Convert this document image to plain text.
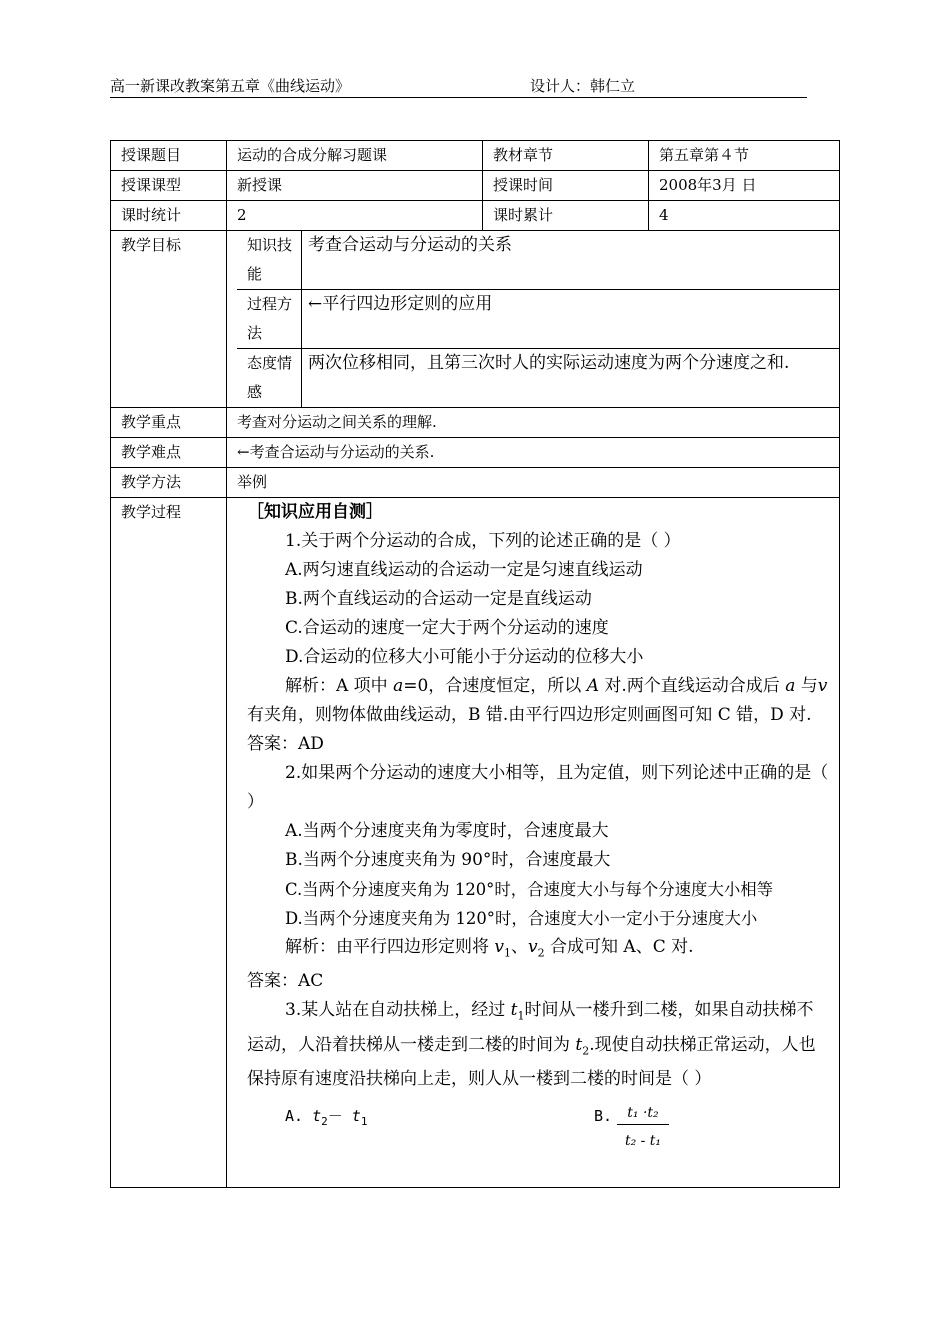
高一新课改教案第五章《曲线运动》	设计人：韩仁立
授课题目	运动的合成分解习题课	教材章节	第五章第４节
授课课型	新授课	授课时间	2008年3月 日
课时统计	2	课时累计	4
教学目标		知识技能	考查合运动与分运动的关系
过程方法	←平行四边形定则的应用
态度情感	两次位移相同，且第三次时人的实际运动速度为两个分速度之和.

教学重点	考查对分运动之间关系的理解.
教学难点	←考查合运动与分运动的关系.
教学方法	举例
教学过程	［知识应用自测］

1.关于两个分运动的合成，下列的论述正确的是（ ）

A.两匀速直线运动的合运动一定是匀速直线运动

B.两个直线运动的合运动一定是直线运动

C.合运动的速度一定大于两个分运动的速度

D.合运动的位移大小可能小于分运动的位移大小

解析：A 项中 a=0，合速度恒定，所以 A 对.两个直线运动合成后 a 与v 有夹角，则物体做曲线运动，B 错.由平行四边形定则画图可知 C 错，D 对.

答案：AD

2.如果两个分运动的速度大小相等，且为定值，则下列论述中正确的是（ ）

A.当两个分速度夹角为零度时，合速度最大

B.当两个分速度夹角为 90°时，合速度最大

C.当两个分速度夹角为 120°时，合速度大小与每个分速度大小相等

D.当两个分速度夹角为 120°时，合速度大小一定小于分速度大小

解析：由平行四边形定则将 $v_1$、$v_2$ 合成可知 A、C 对.

答案：AC

3.某人站在自动扶梯上，经过 $t_1$时间从一楼升到二楼，如果自动扶梯不运动，人沿着扶梯从一楼走到二楼的时间为 $t_2$.现使自动扶梯正常运动，人也保持原有速度沿扶梯向上走，则人从一楼到二楼的时间是（ ）

A. $t_2- t_1$	B. $\frac{\text{t₁ ·t₂}}{\text{t₂ - t₁}}$
